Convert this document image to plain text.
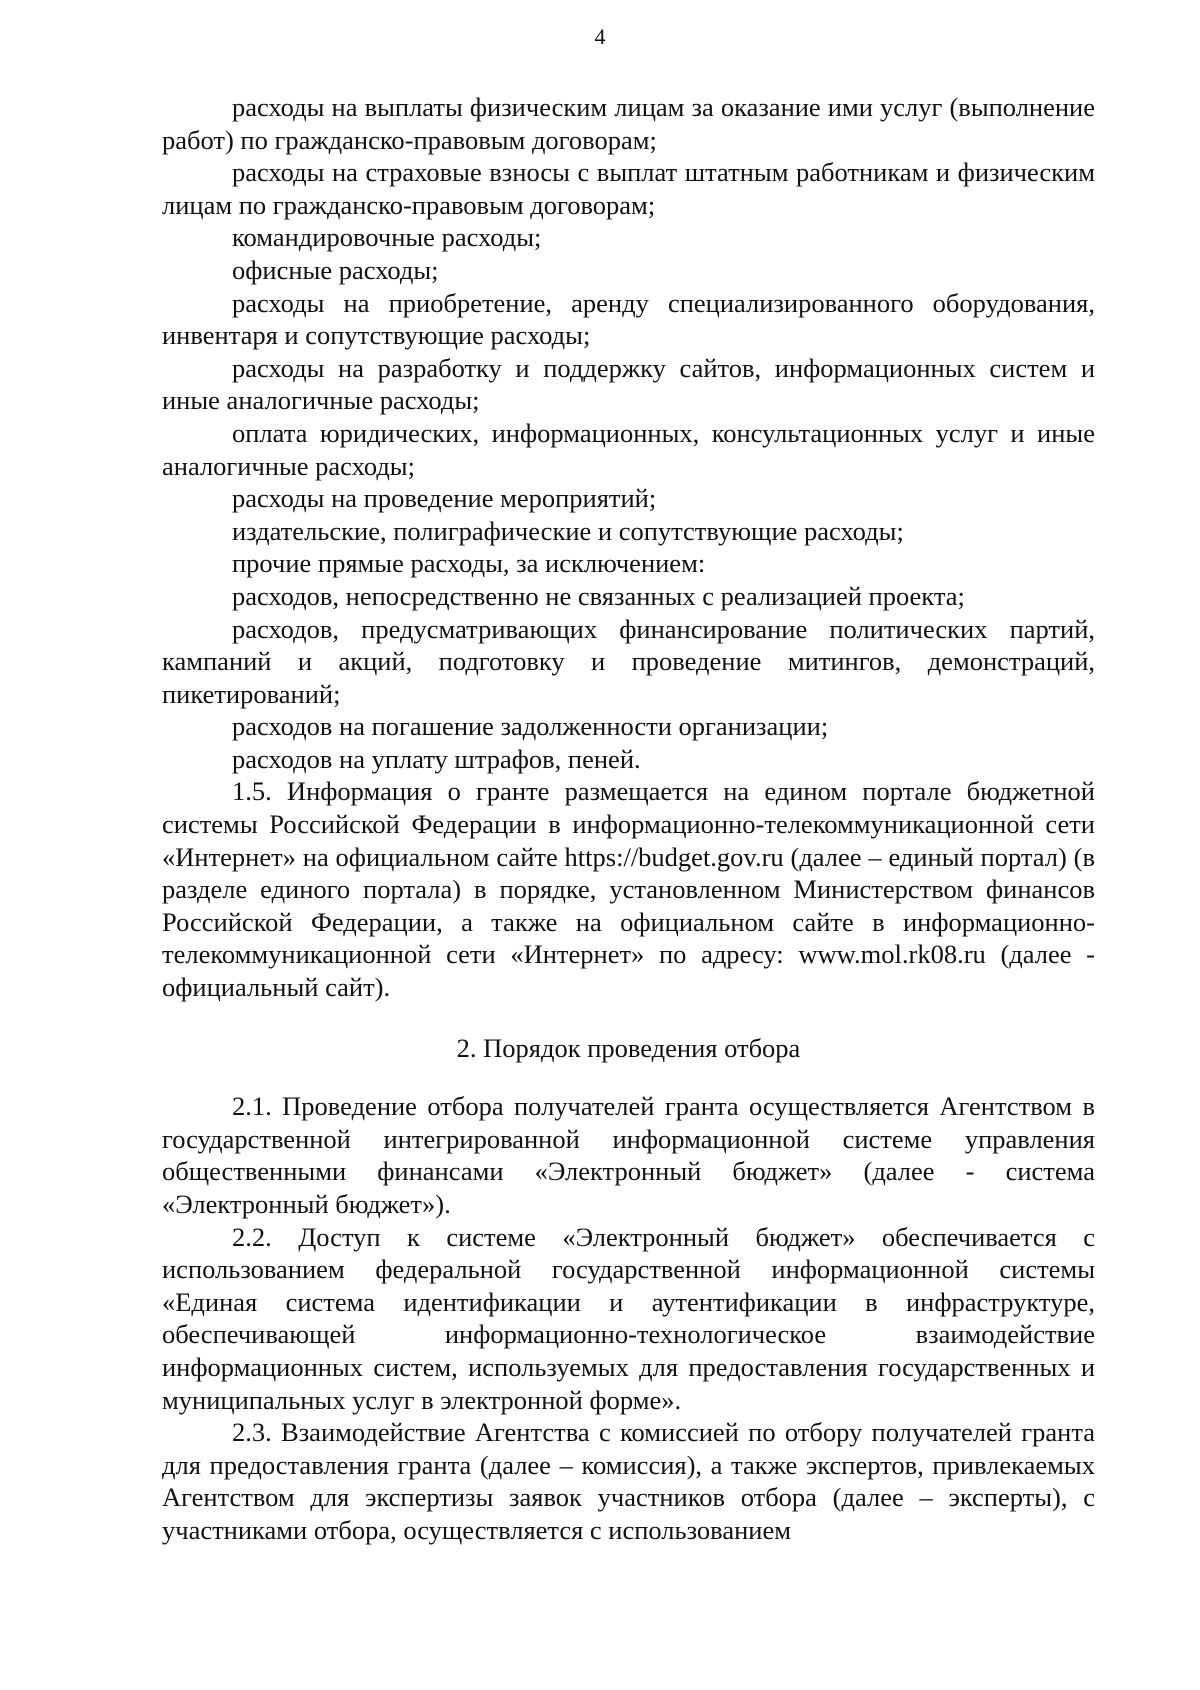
4

расходы на выплаты физическим лицам за оказание ими услуг (выполнение работ) по гражданско-правовым договорам;

расходы на страховые взносы с выплат штатным работникам и физическим лицам по гражданско-правовым договорам;

командировочные расходы;

офисные расходы;

расходы на приобретение, аренду специализированного оборудования, инвентаря и сопутствующие расходы;

расходы на разработку и поддержку сайтов, информационных систем и иные аналогичные расходы;

оплата юридических, информационных, консультационных услуг и иные аналогичные расходы;

расходы на проведение мероприятий;

издательские, полиграфические и сопутствующие расходы;

прочие прямые расходы, за исключением:

расходов, непосредственно не связанных с реализацией проекта;

расходов, предусматривающих финансирование политических партий, кампаний и акций, подготовку и проведение митингов, демонстраций, пикетирований;

расходов на погашение задолженности организации;

расходов на уплату штрафов, пеней.

1.5. Информация о гранте размещается на едином портале бюджетной системы Российской Федерации в информационно-телекоммуникационной сети «Интернет» на официальном сайте https://budget.gov.ru (далее – единый портал) (в разделе единого портала) в порядке, установленном Министерством финансов Российской Федерации, а также на официальном сайте в информационно-телекоммуникационной сети «Интернет» по адресу: www.mol.rk08.ru (далее - официальный сайт).

2. Порядок проведения отбора

2.1. Проведение отбора получателей гранта осуществляется Агентством в государственной интегрированной информационной системе управления общественными финансами «Электронный бюджет» (далее - система «Электронный бюджет»).

2.2. Доступ к системе «Электронный бюджет» обеспечивается с использованием федеральной государственной информационной системы «Единая система идентификации и аутентификации в инфраструктуре, обеспечивающей информационно-технологическое взаимодействие информационных систем, используемых для предоставления государственных и муниципальных услуг в электронной форме».

2.3. Взаимодействие Агентства с комиссией по отбору получателей гранта для предоставления гранта (далее – комиссия), а также экспертов, привлекаемых Агентством для экспертизы заявок участников отбора (далее – эксперты), с участниками отбора, осуществляется с использованием
